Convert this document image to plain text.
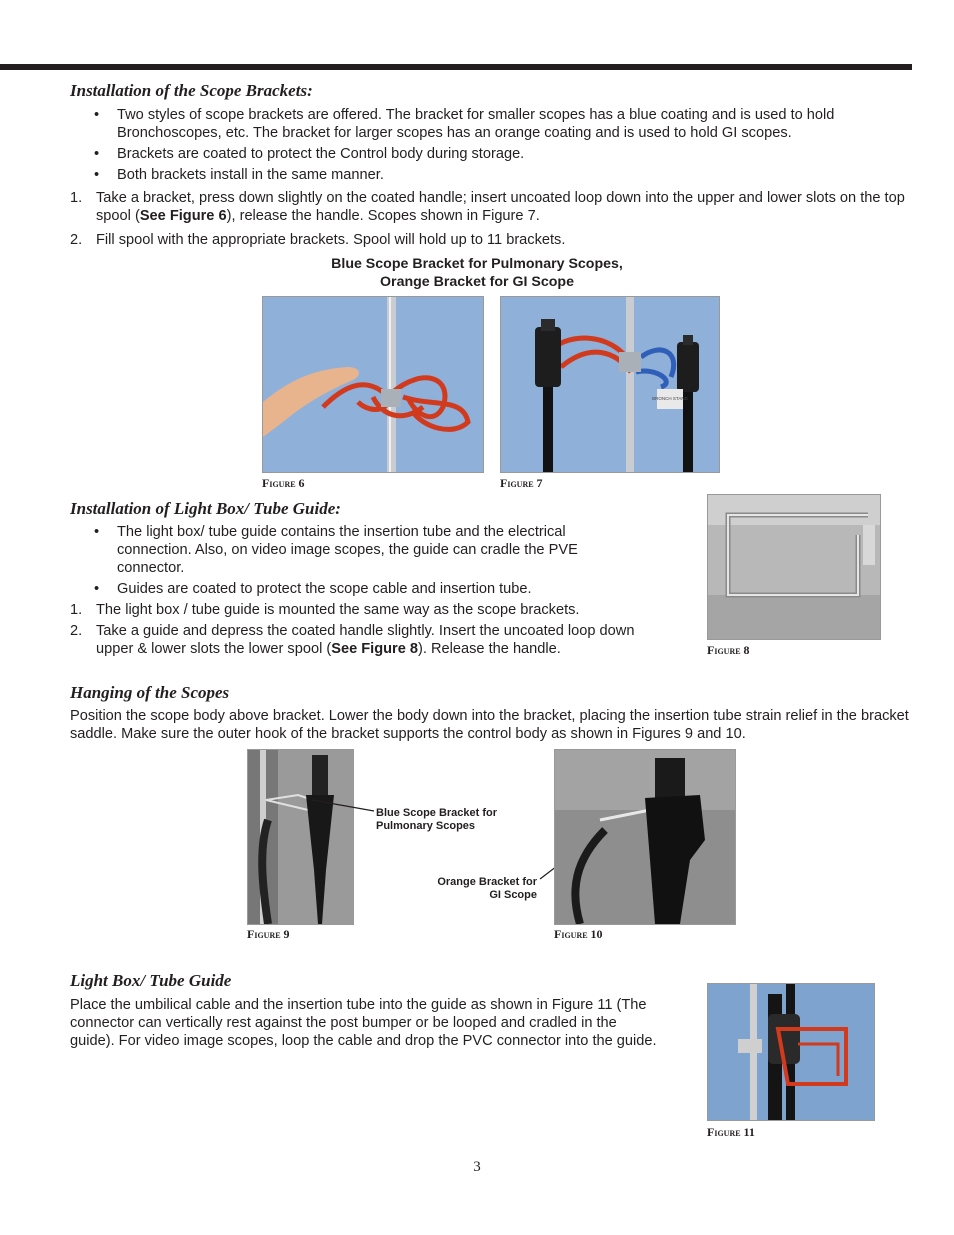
Installation of the Scope Brackets:
• Two styles of scope brackets are offered. The bracket for smaller scopes has a blue coating and is used to hold Bronchoscopes, etc. The bracket for larger scopes has an orange coating and is used to hold GI scopes.
• Brackets are coated to protect the Control body during storage.
• Both brackets install in the same manner.
1. Take a bracket, press down slightly on the coated handle; insert uncoated loop down into the upper and lower slots on the top spool (See Figure 6), release the handle. Scopes shown in Figure 7.
2. Fill spool with the appropriate brackets. Spool will hold up to 11 brackets.
Blue Scope Bracket for Pulmonary Scopes,
Orange Bracket for GI Scope
Figure 6
BRONCH STAND
Figure 7
Installation of Light Box/ Tube Guide:
• The light box/ tube guide contains the insertion tube and the electrical connection. Also, on video image scopes, the guide can cradle the PVE connector.
• Guides are coated to protect the scope cable and insertion tube.
1. The light box / tube guide is mounted the same way as the scope brackets.
2. Take a guide and depress the coated handle slightly. Insert the uncoated loop down upper & lower slots the lower spool (See Figure 8). Release the handle.	Figure 8
Hanging of the Scopes
Position the scope body above bracket. Lower the body down into the bracket, placing the insertion tube strain relief in the bracket saddle. Make sure the outer hook of the bracket supports the control body as shown in Figures 9 and 10.
Figure 9
Blue Scope Bracket for
Pulmonary Scopes
Orange Bracket for
GI Scope
Figure 10
Light Box/ Tube Guide
Place the umbilical cable and the insertion tube into the guide as shown in Figure 11 (The connector can vertically rest against the post bumper or be looped and cradled in the guide). For video image scopes, loop the cable and drop the PVC connector into the guide.
Figure 11
3
